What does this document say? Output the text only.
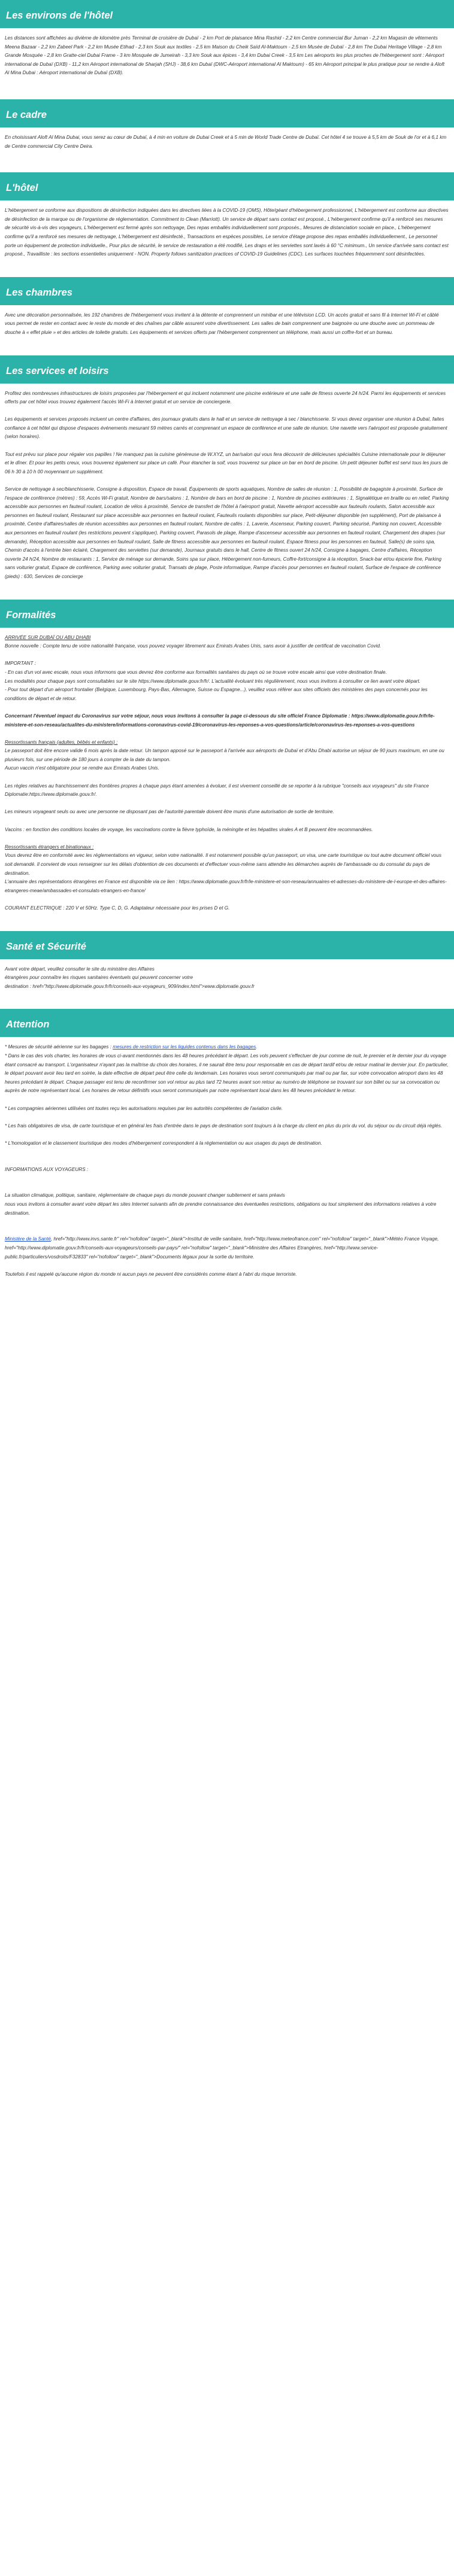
Les environs de l'hôtel

Les distances sont affichées au divième de kilomètre près Terminal de croisière de Dubaï - 2 km Port de plaisance Mina Rashid - 2,2 km Centre commercial Bur Juman - 2,2 km Magasin de vêtements Meena Bazaar - 2,2 km Zabeel Park - 2,2 km Musée Etihad - 2,3 km Souk aux textiles - 2,5 km Maison du Cheik Saïd Al-Maktoum - 2,5 km Musée de Dubaï - 2,8 km The Dubai Heritage Village - 2,8 km Grande Mosquée - 2,8 km Gratte-ciel Dubai Frame - 3 km Mosquée de Jumeirah - 3,3 km Souk aux épices - 3,4 km Dubai Creek - 3,5 km Les aéroports les plus proches de l'hébergement sont : Aéroport international de Dubaï (DXB) - 11,2 km Aéroport international de Sharjah (SHJ) - 38,6 km Dubaï (DWC-Aéroport international Al Maktoum) - 65 km Aéroport principal le plus pratique pour se rendre à Aloft Al Mina Dubai : Aéroport international de Dubaï (DXB).

Le cadre

En choisissant Aloft Al Mina Dubai, vous serez au cœur de Dubaï, à 4 min en voiture de Dubai Creek et à 5 min de World Trade Centre de Dubaï. Cet hôtel 4 se trouve à 5,5 km de Souk de l'or et à 6,1 km de Centre commercial City Centre Deira.

L'hôtel

L'hébergement se conforme aux dispositions de désinfection indiquées dans les directives liées à la COVID-19 (OMS), Hôte/géant d'hébergement professionnel, L'hébergement est conforme aux directives de désinfection de la marque ou de l'organisme de réglementation. Commitment to Clean (Marriott). Un service de départ sans contact est proposé., L'hébergement confirme qu'il a renforcé ses mesures de sécurité vis-à-vis des voyageurs, L'hébergement est fermé après son nettoyage, Des repas emballés individuellement sont proposés., Mesures de distanciation sociale en place., L'hébergement confirme qu'il a renforcé ses mesures de nettoyage, L'hébergement est désinfecté., Transactions en espèces possibles, Le service d'étage propose des repas emballés individuellement., Le personnel porte un équipement de protection individuelle., Pour plus de sécurité, le service de restauration a été modifié, Les draps et les serviettes sont lavés à 60 °C minimum., Un service d'arrivée sans contact est proposé., Travailliste : les sections essentielles uniquement - NON. Property follows sanitization practices of COVID-19 Guidelines (CDC). Les surfaces touchées fréquemment sont désinfectées.

Les chambres

Avec une décoration personnalisée, les 192 chambres de l'hébergement vous invitent à la détente et comprennent un minibar et une télévision LCD. Un accès gratuit et sans fil à Internet Wi-Fi et câblé vous permet de rester en contact avec le reste du monde et des chaînes par câble assurent votre divertissement. Les salles de bain comprennent une baignoire ou une douche avec un pommeau de douche à « effet pluie » et des articles de toilette gratuits. Les équipements et services offerts par l'hébergement comprennent un téléphone, mais aussi un coffre-fort et un bureau.

Les services et loisirs

Profitez des nombreuses infrastructures de loisirs proposées par l'hébergement et qui incluent notamment une piscine extérieure et une salle de fitness ouverte 24 h/24. Parmi les équipements et services offerts par cet hôtel vous trouvez également l'accès Wi-Fi à Internet gratuit et un service de conciergerie.

Les équipements et services proposés incluent un centre d'affaires, des journaux gratuits dans le hall et un service de nettoyage à sec / blanchisserie. Si vous devez organiser une réunion à Dubaï, faites confiance à cet hôtel qui dispose d'espaces événements mesurant 59 mètres carrés et comprenant un espace de conférence et une salle de réunion. Une navette vers l'aéroport est proposée gratuitement (selon horaires).

Tout est prévu sur place pour régaler vos papilles ! Ne manquez pas la cuisine généreuse de W.XYZ, un bar/salon qui vous fera découvrir de délicieuses spécialités Cuisine internationale pour le déjeuner et le dîner. Et pour les petits creux, vous trouverez également sur place un café. Pour étancher la soif, vous trouverez sur place un bar en bord de piscine. Un petit déjeuner buffet est servi tous les jours de 06 h 30 à 10 h 00 moyennant un supplément.

Service de nettoyage à sec/blanchisserie, Consigne à disposition, Espace de travail, Équipements de sports aquatiques, Nombre de salles de réunion : 1, Possibilité de bagagiste à proximité, Surface de l'espace de conférence (mètres) : 59, Accès Wi-Fi gratuit, Nombre de bars/salons : 1, Nombre de bars en bord de piscine : 1, Nombre de piscines extérieures : 1, Signalétique en braille ou en relief, Parking accessible aux personnes en fauteuil roulant, Location de vélos à proximité, Service de transfert de l'hôtel à l'aéroport gratuit, Navette aéroport accessible aux fauteuils roulants, Salon accessible aux personnes en fauteuil roulant, Restaurant sur place accessible aux personnes en fauteuil roulant, Fauteuils roulants disponibles sur place, Petit-déjeuner disponible (en supplément), Port de plaisance à proximité, Centre d'affaires/salles de réunion accessibles aux personnes en fauteuil roulant, Nombre de cafés : 1, Laverie, Ascenseur, Parking couvert, Parking sécurisé, Parking non couvert, Accessible aux personnes en fauteuil roulant (les restrictions peuvent s'appliquer), Parking couvert, Parasols de plage, Rampe d'ascenseur accessible aux personnes en fauteuil roulant, Chargement des drapes (sur demande), Réception accessible aux personnes en fauteuil roulant, Salle de fitness accessible aux personnes en fauteuil roulant, Espace fitness pour les personnes en fauteuil, Salle(s) de soins spa, Chemin d'accès à l'entrée bien éclairé, Chargement des serviettes (sur demande), Journaux gratuits dans le hall, Centre de fitness ouvert 24 h/24, Consigne à bagages, Centre d'affaires, Réception ouverte 24 h/24, Nombre de restaurants : 1, Service de ménage sur demande, Soins spa sur place, Hébergement non-fumeurs, Coffre-fort/consigne à la réception, Snack-bar et/ou épicerie fine, Parking sans voiturier gratuit, Espace de conférence, Parking avec voiturier gratuit, Transats de plage, Poste informatique, Rampe d'accès pour personnes en fauteuil roulant, Surface de l'espace de conférence (pieds) : 630, Services de concierge

Formalités
ARRIVÉE SUR DUBAÏ OU ABU DHABI
Bonne nouvelle : Compte tenu de votre nationalité française, vous pouvez voyager librement aux Emirats Arabes Unis, sans avoir à justifier de certificat de vaccination Covid.
IMPORTANT :
- En cas d'un vol avec escale, nous vous informons que vous devrez être conforme aux formalités sanitaires du pays où se trouve votre escale ainsi que votre destination finale.
Les modalités pour chaque pays sont consultables sur le site https://www.diplomatie.gouv.fr/fr/. L'actualité évoluant très régulièrement, nous vous invitons à consulter ce lien avant votre départ.
- Pour tout départ d'un aéroport frontalier (Belgique, Luxembourg, Pays-Bas, Allemagne, Suisse ou Espagne...), veuillez vous référer aux sites officiels des ministères des pays concernés pour les conditions de départ et de retour.
Concernant l'éventuel impact du Coronavirus sur votre séjour, nous vous invitons à consulter la page ci-dessous du site officiel France Diplomatie : https://www.diplomatie.gouv.fr/fr/le-ministere-et-son-reseau/actualites-du-ministere/informations-coronavirus-covid-19/coronavirus-les-reponses-a-vos-questions/article/coronavirus-les-reponses-a-vos-questions
Ressortissants français (adultes, bébés et enfants) :
Le passeport doit être encore valide 6 mois après la date retour. Un tampon apposé sur le passeport à l'arrivée aux aéroports de Dubaï et d'Abu Dhabi autorise un séjour de 90 jours maximum, en une ou plusieurs fois, sur une période de 180 jours à compter de la date du tampon.
Aucun vaccin n'est obligatoire pour se rendre aux Emirats Arabes Unis.
Les règles relatives au franchissement des frontières propres à chaque pays étant amenées à évoluer, il est vivement conseillé de se reporter à la rubrique "conseils aux voyageurs" du site France Diplomatie:https://www.diplomatie.gouv.fr/.
Les mineurs voyageant seuls ou avec une personne ne disposant pas de l'autorité parentale doivent être munis d'une autorisation de sortie de territoire.
Vaccins : en fonction des conditions locales de voyage, les vaccinations contre la fièvre typhoïde, la méningite et les hépatites virales A et B peuvent être recommandées.
Ressortissants étrangers et binationaux :
Vous devrez être en conformité avec les réglementations en vigueur, selon votre nationalité. Il est notamment possible qu'un passeport, un visa, une carte touristique ou tout autre document officiel vous soit demandé. Il convient de vous renseigner sur les délais d'obtention de ces documents et d'effectuer vous-même sans attendre les démarches auprès de l'ambassade ou du consulat du pays de destination.
L'annuaire des représentations étrangères en France est disponible via ce lien : https://www.diplomatie.gouv.fr/fr/le-ministere-et-son-reseau/annuaires-et-adresses-du-ministere-de-l-europe-et-des-affaires-etrangeres-meae/ambassades-et-consulats-etrangers-en-france/
COURANT ELECTRIQUE : 220 V et 50Hz. Type C, D, G. Adaptateur nécessaire pour les prises D et G.
Santé et Sécurité
Avant votre départ, veuillez consulter le site du ministère des Affaires
étrangères pour connaître les risques sanitaires éventuels qui peuvent concerner votre
destination : href="http://www.diplomatie.gouv.fr/fr/conseils-aux-voyageurs_909/index.html">www.diplomatie.gouv.fr
Attention
* Mesures de sécurité aérienne sur les bagages : mesures de restriction sur les liquides contenus dans les bagages.

* Dans le cas des vols charter, les horaires de vous ci-avant mentionnés dans les 48 heures précédant le départ. Les vols peuvent s'effectuer de jour comme de nuit, le premier et le dernier jour du voyage étant consacré au transport. L'organisateur n'ayant pas la maîtrise du choix des horaires, il ne saurait être tenu pour responsable en cas de départ tardif et/ou de retour matinal le dernier jour. En particulier, le départ pouvant avoir lieu tard en soirée, la date effective de départ peut être celle du lendemain. Les horaires vous seront communiqués par mail ou par fax, sur votre convocation aéroport dans les 48 heures précédant le départ. Chaque passager est tenu de reconfirmer son vol retour au plus tard 72 heures avant son retour au numéro de téléphone se trouvant sur son billet ou sur sa convocation ou auprès de notre représentant local. Les horaires de retour définitifs vous seront communiqués par notre représentant local dans les 48 heures précédant le retour.

* Les compagnies aériennes utilisées ont toutes reçu les autorisations requises par les autorités compétentes de l'aviation civile.

* Les frais obligatoires de visa, de carte touristique et en général les frais d'entrée dans le pays de destination sont toujours à la charge du client en plus du prix du vol, du séjour ou du circuit déjà réglés.

* L'homologation et le classement touristique des modes d'hébergement correspondent à la réglementation ou aux usages du pays de destination.

INFORMATIONS AUX VOYAGEURS :

La situation climatique, politique, sanitaire, réglementaire de chaque pays du monde pouvant changer subitement et sans préavis

nous vous invitons à consulter avant votre départ les sites Internet suivants afin de prendre connaissance des éventuelles restrictions, obligations ou tout simplement des informations relatives à votre destination.

Ministère de la Santé, href="http://www.invs.sante.fr" rel="nofollow" target="_blank">Institut de veille sanitaire, href="http://www.meteofrance.com" rel="nofollow" target="_blank">Météo France Voyage, href="http://www.diplomatie.gouv.fr/fr/conseils-aux-voyageurs/conseils-par-pays/" rel="nofollow" target="_blank">Ministère des Affaires Etrangères, href="http://www.service-public.fr/particuliers/vosdroits/F32833" rel="nofollow" target="_blank">Documents légaux pour la sortie du territoire.

Toutefois il est rappelé qu'aucune région du monde ni aucun pays ne peuvent être considérés comme étant à l'abri du risque terroriste.
